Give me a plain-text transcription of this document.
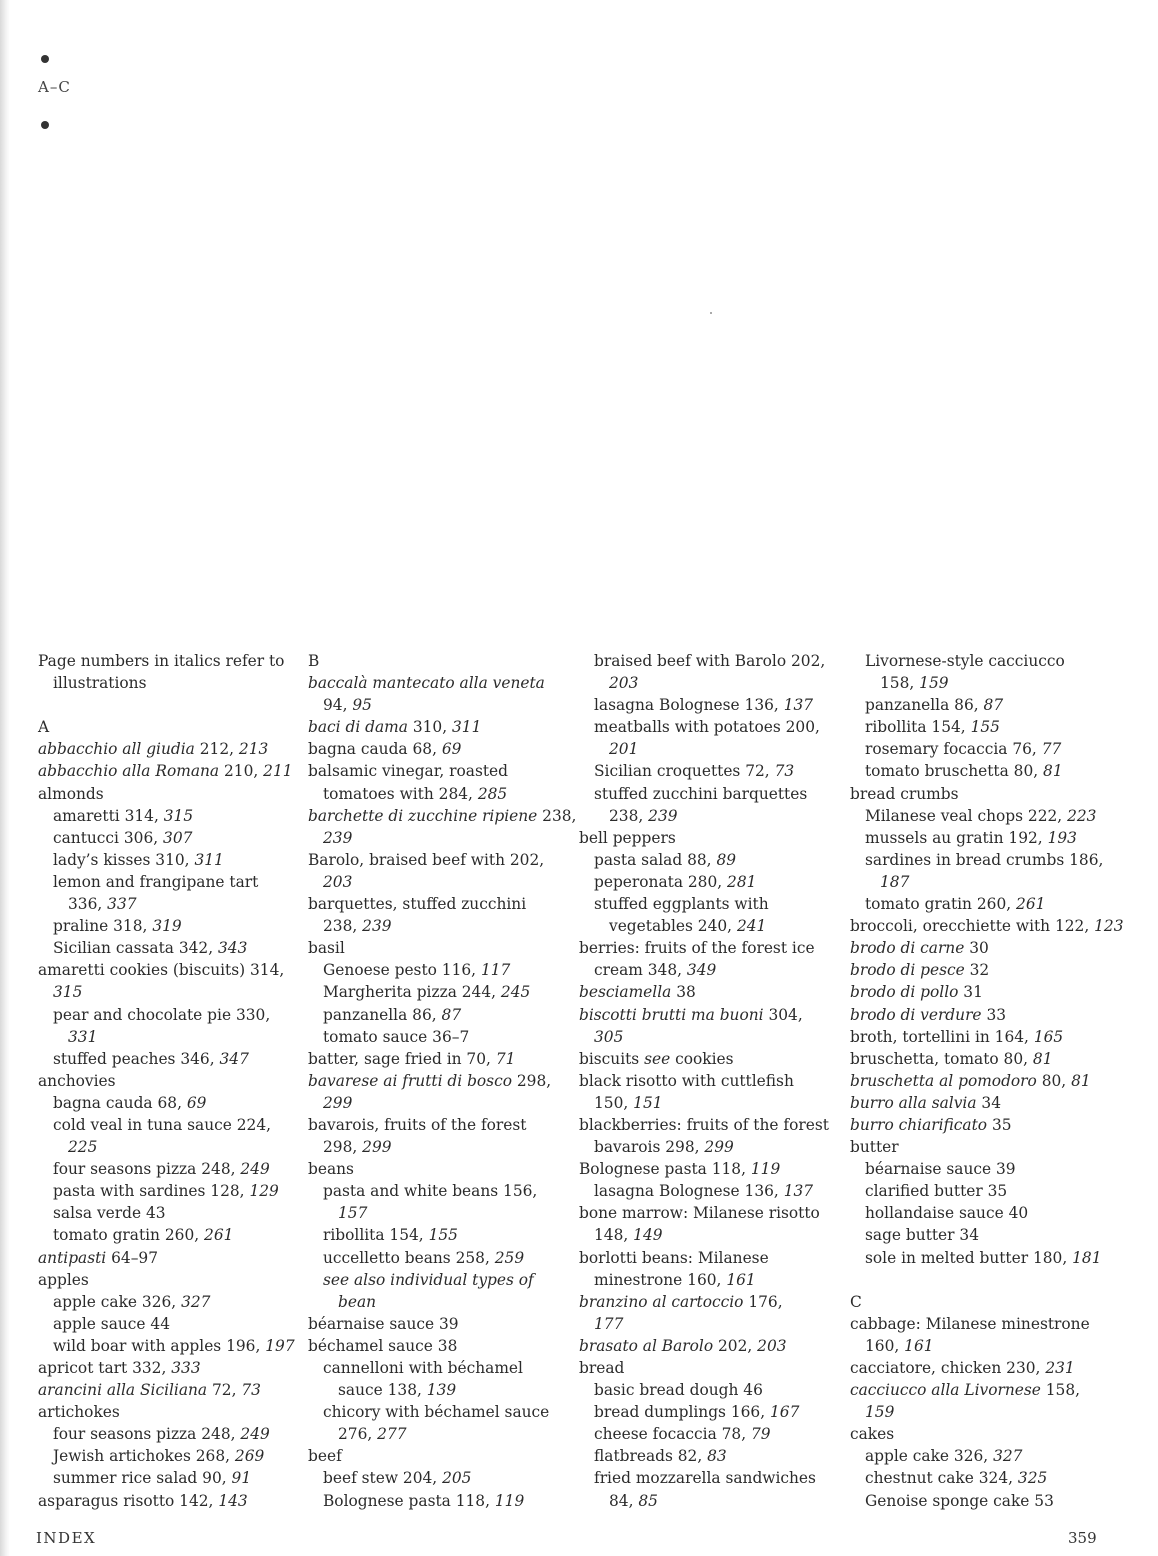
A–C
Page numbers in italics refer to
illustrations
A
abbacchio all giudia 212, 213
abbacchio alla Romana 210, 211
almonds
amaretti 314, 315
cantucci 306, 307
lady’s kisses 310, 311
lemon and frangipane tart
336, 337
praline 318, 319
Sicilian cassata 342, 343
amaretti cookies (biscuits) 314,
315
pear and chocolate pie 330,
331
stuffed peaches 346, 347
anchovies
bagna cauda 68, 69
cold veal in tuna sauce 224,
225
four seasons pizza 248, 249
pasta with sardines 128, 129
salsa verde 43
tomato gratin 260, 261
antipasti 64–97
apples
apple cake 326, 327
apple sauce 44
wild boar with apples 196, 197
apricot tart 332, 333
arancini alla Siciliana 72, 73
artichokes
four seasons pizza 248, 249
Jewish artichokes 268, 269
summer rice salad 90, 91
asparagus risotto 142, 143
B
baccalà mantecato alla veneta
94, 95
baci di dama 310, 311
bagna cauda 68, 69
balsamic vinegar, roasted
tomatoes with 284, 285
barchette di zucchine ripiene 238,
239
Barolo, braised beef with 202,
203
barquettes, stuffed zucchini
238, 239
basil
Genoese pesto 116, 117
Margherita pizza 244, 245
panzanella 86, 87
tomato sauce 36–7
batter, sage fried in 70, 71
bavarese ai frutti di bosco 298,
299
bavarois, fruits of the forest
298, 299
beans
pasta and white beans 156,
157
ribollita 154, 155
uccelletto beans 258, 259
see also individual types of
bean
béarnaise sauce 39
béchamel sauce 38
cannelloni with béchamel
sauce 138, 139
chicory with béchamel sauce
276, 277
beef
beef stew 204, 205
Bolognese pasta 118, 119
braised beef with Barolo 202,
203
lasagna Bolognese 136, 137
meatballs with potatoes 200,
201
Sicilian croquettes 72, 73
stuffed zucchini barquettes
238, 239
bell peppers
pasta salad 88, 89
peperonata 280, 281
stuffed eggplants with
vegetables 240, 241
berries: fruits of the forest ice
cream 348, 349
besciamella 38
biscotti brutti ma buoni 304,
305
biscuits see cookies
black risotto with cuttlefish
150, 151
blackberries: fruits of the forest
bavarois 298, 299
Bolognese pasta 118, 119
lasagna Bolognese 136, 137
bone marrow: Milanese risotto
148, 149
borlotti beans: Milanese
minestrone 160, 161
branzino al cartoccio 176,
177
brasato al Barolo 202, 203
bread
basic bread dough 46
bread dumplings 166, 167
cheese focaccia 78, 79
flatbreads 82, 83
fried mozzarella sandwiches
84, 85
Livornese-style cacciucco
158, 159
panzanella 86, 87
ribollita 154, 155
rosemary focaccia 76, 77
tomato bruschetta 80, 81
bread crumbs
Milanese veal chops 222, 223
mussels au gratin 192, 193
sardines in bread crumbs 186,
187
tomato gratin 260, 261
broccoli, orecchiette with 122, 123
brodo di carne 30
brodo di pesce 32
brodo di pollo 31
brodo di verdure 33
broth, tortellini in 164, 165
bruschetta, tomato 80, 81
bruschetta al pomodoro 80, 81
burro alla salvia 34
burro chiarificato 35
butter
béarnaise sauce 39
clarified butter 35
hollandaise sauce 40
sage butter 34
sole in melted butter 180, 181
C
cabbage: Milanese minestrone
160, 161
cacciatore, chicken 230, 231
cacciucco alla Livornese 158,
159
cakes
apple cake 326, 327
chestnut cake 324, 325
Genoise sponge cake 53
INDEX	359
